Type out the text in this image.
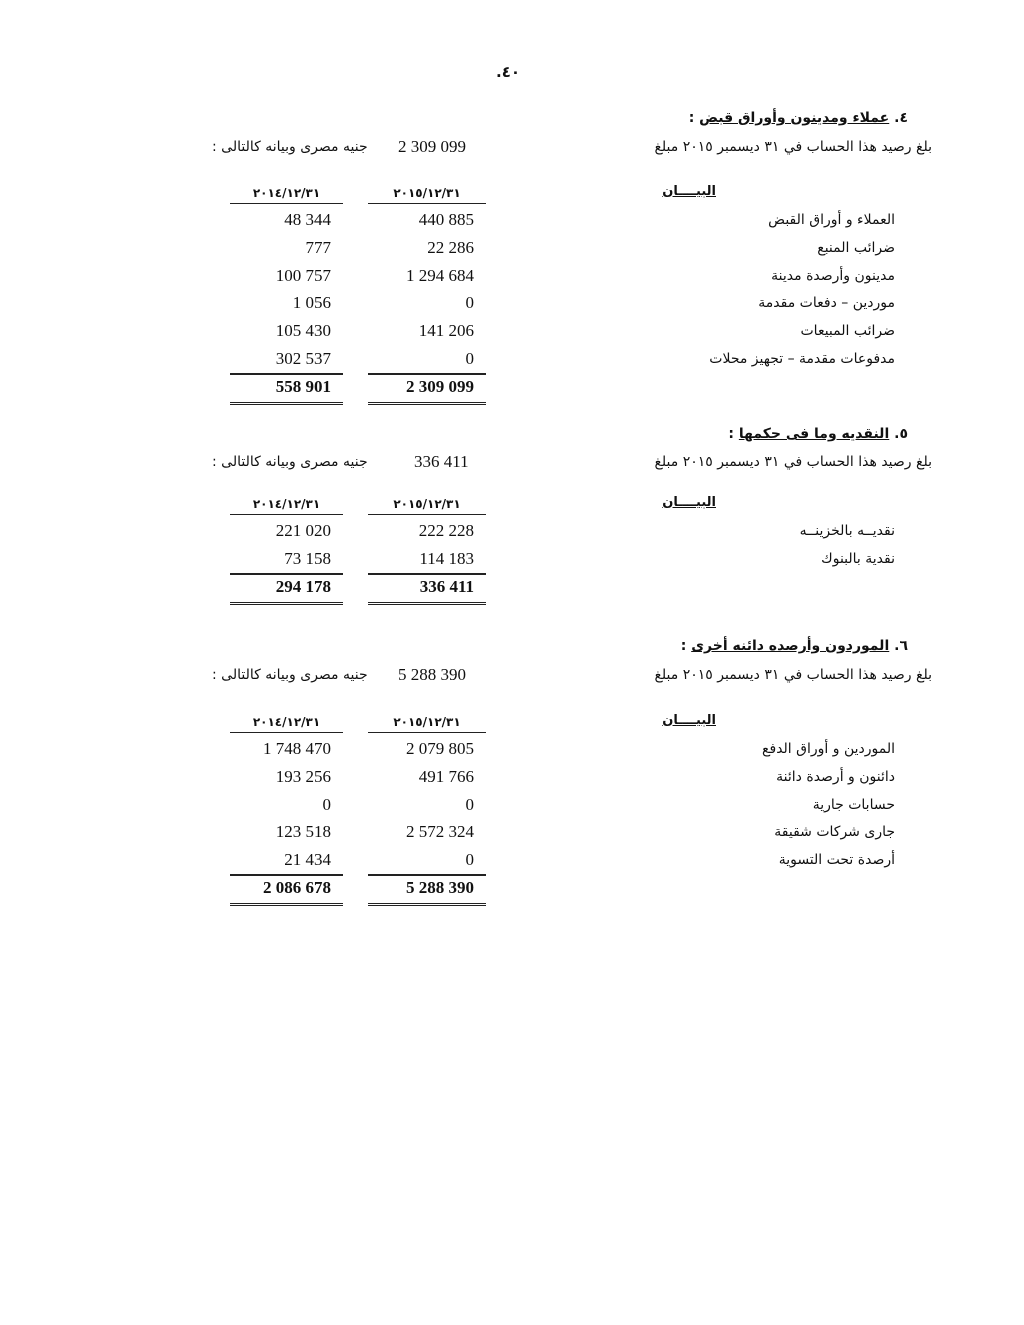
٤٠.
٤. عملاء ومدينون وأوراق قبض :
بلغ رصيد هذا الحساب في ٣١ ديسمبر ٢٠١٥ مبلغ
2 309 099
جنيه مصرى وبيانه كالتالى :
البيــــان
٢٠١٥/١٢/٣١
٢٠١٤/١٢/٣١
العملاء و أوراق القبض
440 885
48 344
ضرائب المنبع
22 286
777
مدينون وأرصدة مدينة
1 294 684
100 757
موردين – دفعات مقدمة
0
1 056
ضرائب المبيعات
141 206
105 430
مدفوعات مقدمة – تجهيز محلات
0
302 537
2 309 099
558 901
٥. النقديه وما فى حكمها :
بلغ رصيد هذا الحساب في ٣١ ديسمبر ٢٠١٥ مبلغ
336 411
جنيه مصرى وبيانه كالتالى :
البيــــان
٢٠١٥/١٢/٣١
٢٠١٤/١٢/٣١
نقديــه بالخزينــه
222 228
221 020
نقدية بالبنوك
114 183
73 158
336 411
294 178
٦. الموردون وأرصده دائنه أخرى :
بلغ رصيد هذا الحساب في ٣١ ديسمبر ٢٠١٥ مبلغ
5 288 390
جنيه مصرى وبيانه كالتالى :
البيــــان
٢٠١٥/١٢/٣١
٢٠١٤/١٢/٣١
الموردين و أوراق الدفع
2 079 805
1 748 470
دائنون و أرصدة دائنة
491 766
193 256
حسابات جارية
0
0
جارى شركات شقيقة
2 572 324
123 518
أرصدة تحت التسوية
0
21 434
5 288 390
2 086 678
